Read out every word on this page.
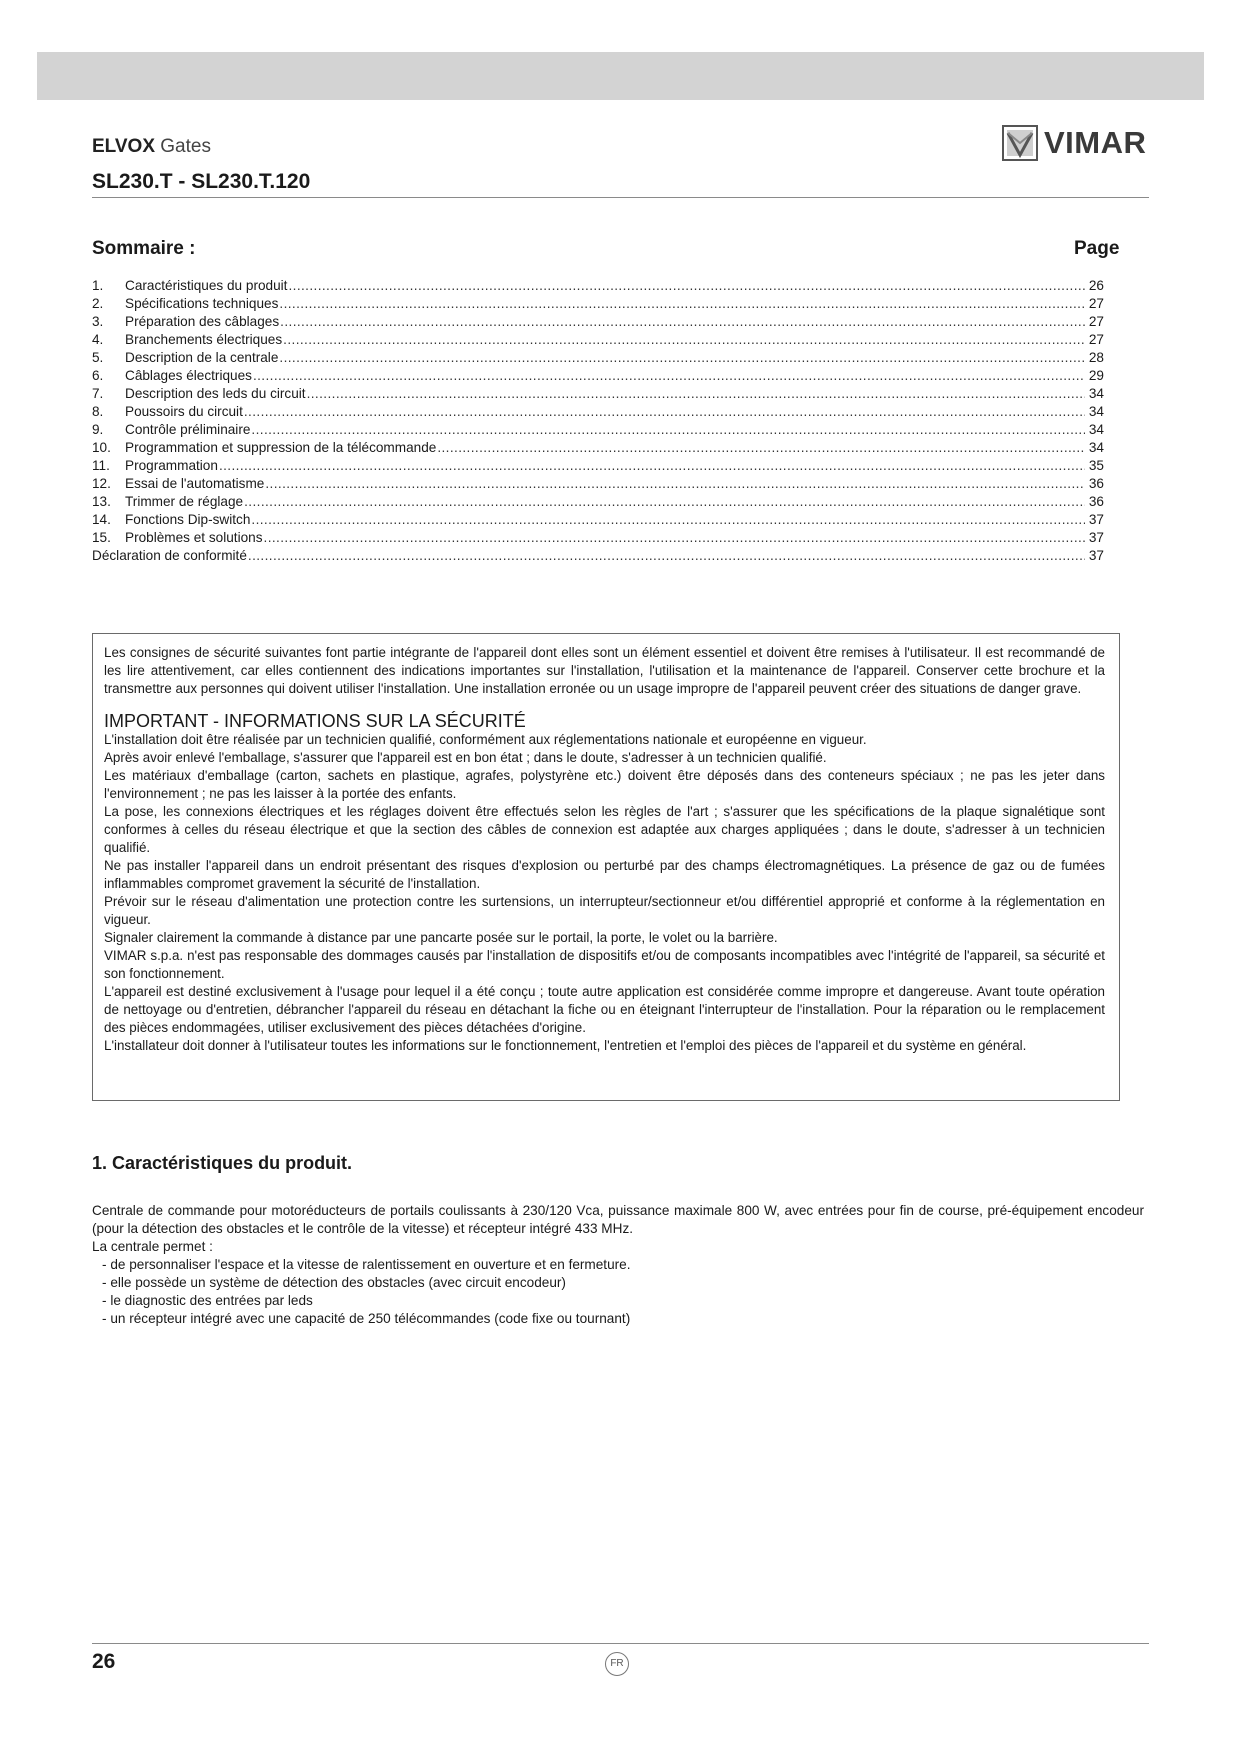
ELVOX Gates
SL230.T - SL230.T.120
VIMAR
Sommaire :	Page
1.	Caractéristiques du produit .....	26
2.	Spécifications techniques .....	27
3.	Préparation des câblages .....	27
4.	Branchements électriques .....	27
5.	Description de la centrale .....	28
6.	Câblages électriques .....	29
7.	Description des leds du circuit .....	34
8.	Poussoirs du circuit .....	34
9.	Contrôle préliminaire .....	34
10.	Programmation et suppression de la télécommande .....	34
11.	Programmation .....	35
12.	Essai de l'automatisme .....	36
13.	Trimmer de réglage .....	36
14.	Fonctions Dip-switch .....	37
15.	Problèmes et solutions .....	37
Déclaration de conformité .....	37

Les consignes de sécurité suivantes font partie intégrante de l'appareil dont elles sont un élément essentiel et doivent être remises à l'utilisateur. Il est recommandé de les lire attentivement, car elles contiennent des indications importantes sur l'installation, l'utilisation et la maintenance de l'appareil. Conserver cette brochure et la transmettre aux personnes qui doivent utiliser l'installation. Une installation erronée ou un usage impropre de l'appareil peuvent créer des situations de danger grave.

IMPORTANT - INFORMATIONS SUR LA SÉCURITÉ

L'installation doit être réalisée par un technicien qualifié, conformément aux réglementations nationale et européenne en vigueur.

Après avoir enlevé l'emballage, s'assurer que l'appareil est en bon état ; dans le doute, s'adresser à un technicien qualifié.

Les matériaux d'emballage (carton, sachets en plastique, agrafes, polystyrène etc.) doivent être déposés dans des conteneurs spéciaux ; ne pas les jeter dans l'environnement ; ne pas les laisser à la portée des enfants.

La pose, les connexions électriques et les réglages doivent être effectués selon les règles de l'art ; s'assurer que les spécifications de la plaque signalétique sont conformes à celles du réseau électrique et que la section des câbles de connexion est adaptée aux charges appliquées ; dans le doute, s'adresser à un technicien qualifié.

Ne pas installer l'appareil dans un endroit présentant des risques d'explosion ou perturbé par des champs électromagnétiques. La présence de gaz ou de fumées inflammables compromet gravement la sécurité de l'installation.

Prévoir sur le réseau d'alimentation une protection contre les surtensions, un interrupteur/sectionneur et/ou différentiel approprié et conforme à la réglementation en vigueur.

Signaler clairement la commande à distance par une pancarte posée sur le portail, la porte, le volet ou la barrière.

VIMAR s.p.a. n'est pas responsable des dommages causés par l'installation de dispositifs et/ou de composants incompatibles avec l'intégrité de l'appareil, sa sécurité et son fonctionnement.

L'appareil est destiné exclusivement à l'usage pour lequel il a été conçu ; toute autre application est considérée comme impropre et dangereuse. Avant toute opération de nettoyage ou d'entretien, débrancher l'appareil du réseau en détachant la fiche ou en éteignant l'interrupteur de l'installation. Pour la réparation ou le remplacement des pièces endommagées, utiliser exclusivement des pièces détachées d'origine.

L'installateur doit donner à l'utilisateur toutes les informations sur le fonctionnement, l'entretien et l'emploi des pièces de l'appareil et du système en général.

1. Caractéristiques du produit.

Centrale de commande pour motoréducteurs de portails coulissants à 230/120 Vca, puissance maximale 800 W, avec entrées pour fin de course, pré-équipement encodeur (pour la détection des obstacles et le contrôle de la vitesse) et récepteur intégré 433 MHz.

La centrale permet :

- de personnaliser l'espace et la vitesse de ralentissement en ouverture et en fermeture.
- elle possède un système de détection des obstacles (avec circuit encodeur)
- le diagnostic des entrées par leds
- un récepteur intégré avec une capacité de 250 télécommandes (code fixe ou tournant)
26	FR
